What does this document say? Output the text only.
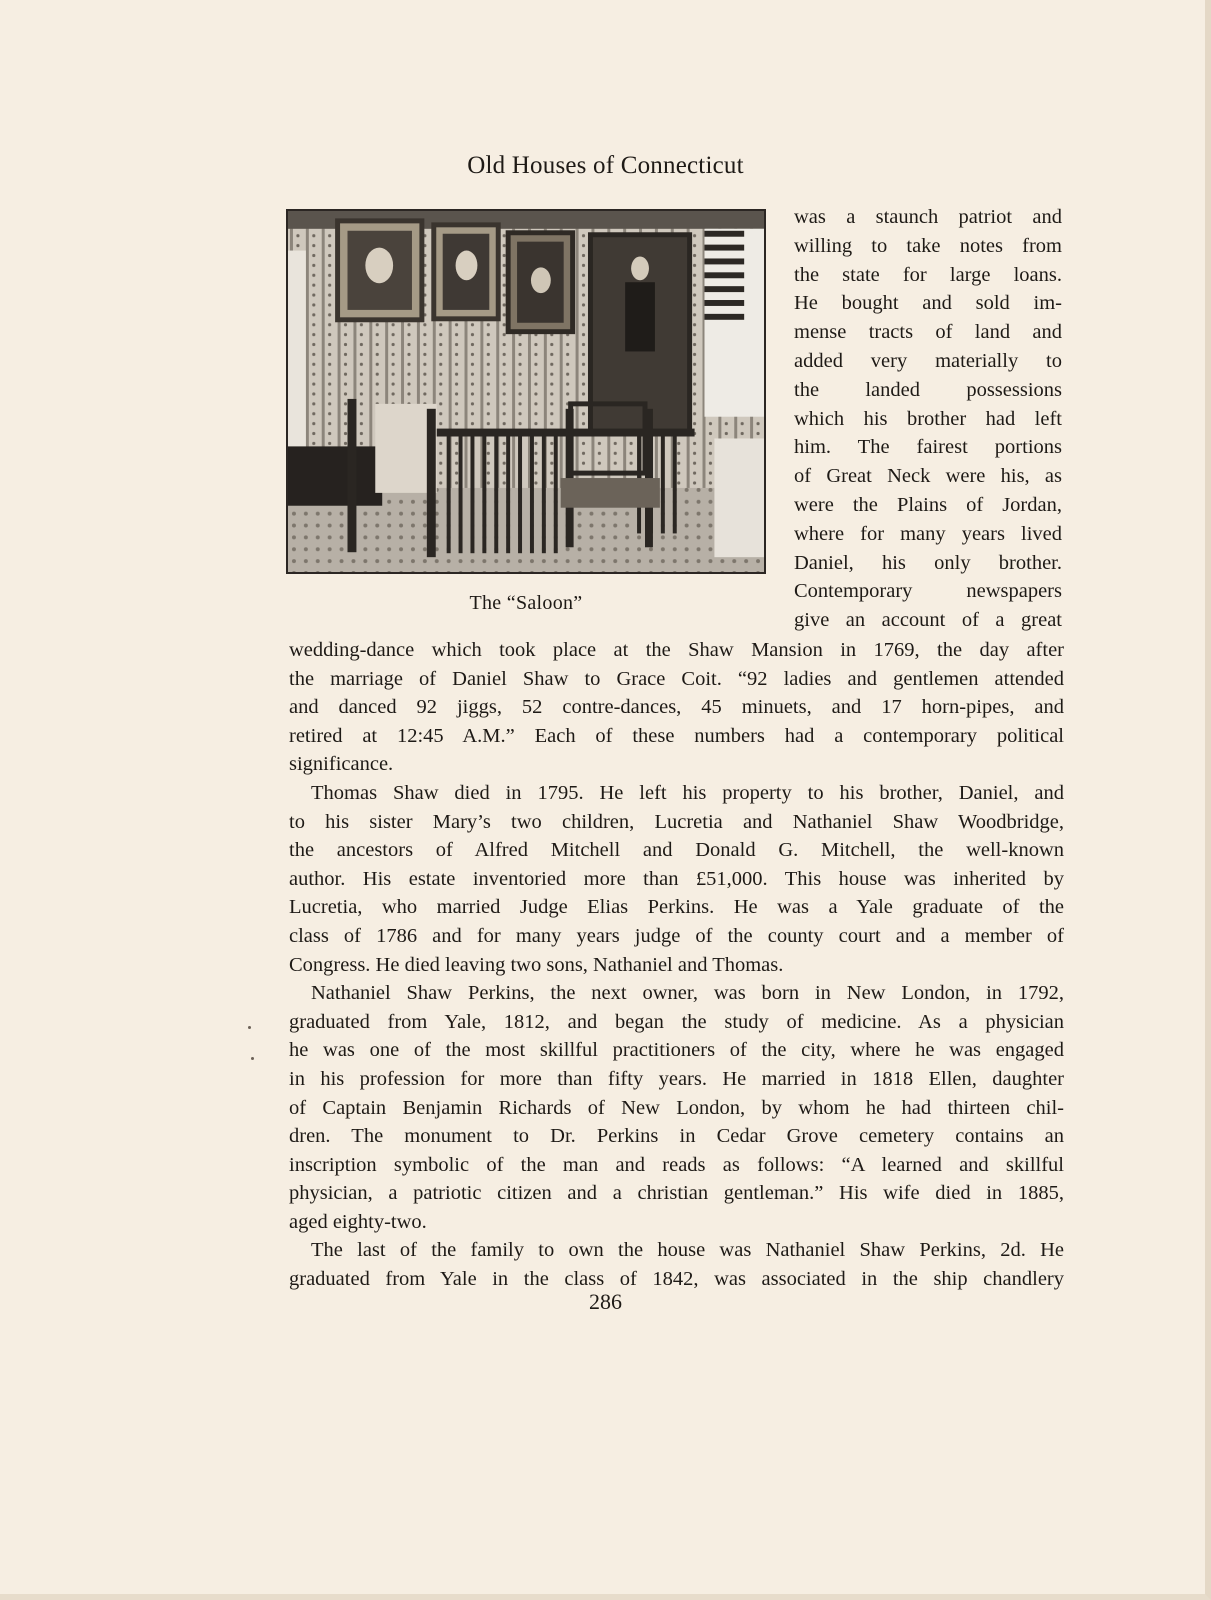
Old Houses of Connecticut
The “Saloon”
was a staunch patriot and
willing to take notes from
the state for large loans.
He bought and sold im-
mense tracts of land and
added very materially to
the landed possessions
which his brother had left
him. The fairest portions
of Great Neck were his, as
were the Plains of Jordan,
where for many years lived
Daniel, his only brother.
Contemporary newspapers
give an account of a great
wedding-dance which took place at the Shaw Mansion in 1769, the day after
the marriage of Daniel Shaw to Grace Coit. “92 ladies and gentlemen attended
and danced 92 jiggs, 52 contre-dances, 45 minuets, and 17 horn-pipes, and
retired at 12:45 A.M.” Each of these numbers had a contemporary political
significance.
Thomas Shaw died in 1795. He left his property to his brother, Daniel, and
to his sister Mary’s two children, Lucretia and Nathaniel Shaw Woodbridge,
the ancestors of Alfred Mitchell and Donald G. Mitchell, the well-known
author. His estate inventoried more than £51,000. This house was inherited by
Lucretia, who married Judge Elias Perkins. He was a Yale graduate of the
class of 1786 and for many years judge of the county court and a member of
Congress. He died leaving two sons, Nathaniel and Thomas.
Nathaniel Shaw Perkins, the next owner, was born in New London, in 1792,
graduated from Yale, 1812, and began the study of medicine. As a physician
he was one of the most skillful practitioners of the city, where he was engaged
in his profession for more than fifty years. He married in 1818 Ellen, daughter
of Captain Benjamin Richards of New London, by whom he had thirteen chil-
dren. The monument to Dr. Perkins in Cedar Grove cemetery contains an
inscription symbolic of the man and reads as follows: “A learned and skillful
physician, a patriotic citizen and a christian gentleman.” His wife died in 1885,
aged eighty-two.
The last of the family to own the house was Nathaniel Shaw Perkins, 2d. He
graduated from Yale in the class of 1842, was associated in the ship chandlery
286
